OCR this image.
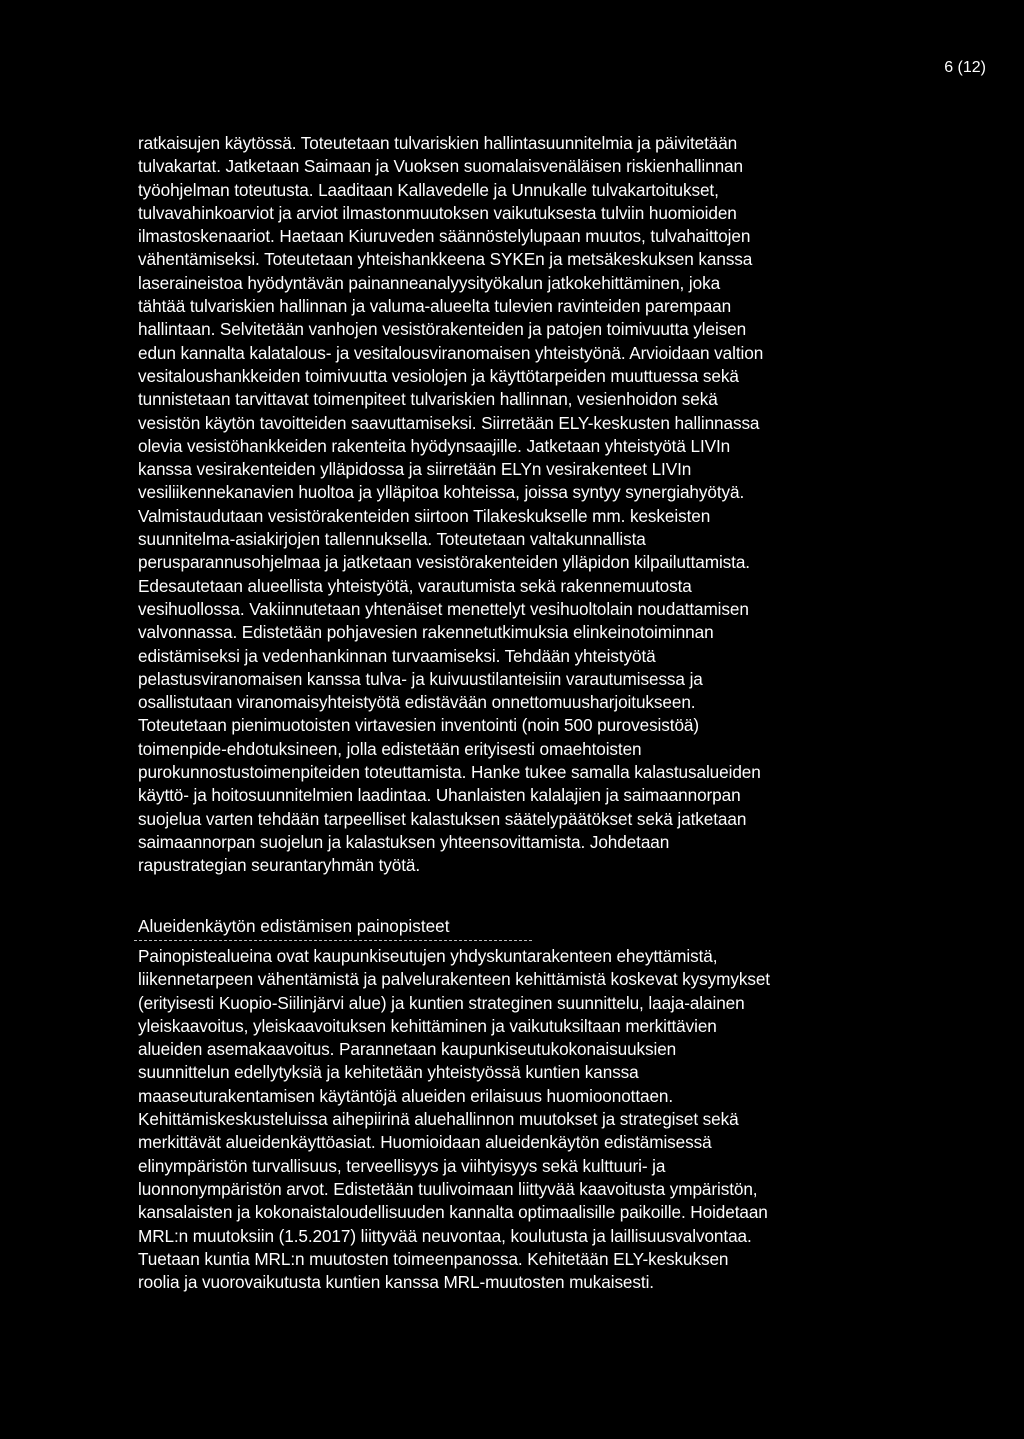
6 (12)
ratkaisujen käytössä. Toteutetaan tulvariskien hallintasuunnitelmia ja päivitetään
tulvakartat. Jatketaan Saimaan ja Vuoksen suomalaisvenäläisen riskienhallinnan
työohjelman toteutusta. Laaditaan Kallavedelle ja Unnukalle tulvakartoitukset,
tulvavahinkoarviot ja arviot ilmastonmuutoksen vaikutuksesta tulviin huomioiden
ilmastoskenaariot. Haetaan Kiuruveden säännöstelylupaan muutos, tulvahaittojen
vähentämiseksi. Toteutetaan yhteishankkeena SYKEn ja metsäkeskuksen kanssa
laseraineistoa hyödyntävän painanneanalyysityökalun jatkokehittäminen, joka
tähtää tulvariskien hallinnan ja valuma-alueelta tulevien ravinteiden parempaan
hallintaan. Selvitetään vanhojen vesistörakenteiden ja patojen toimivuutta yleisen
edun kannalta kalatalous- ja vesitalousviranomaisen yhteistyönä. Arvioidaan valtion
vesitaloushankkeiden toimivuutta vesiolojen ja käyttötarpeiden muuttuessa sekä
tunnistetaan tarvittavat toimenpiteet tulvariskien hallinnan, vesienhoidon sekä
vesistön käytön tavoitteiden saavuttamiseksi. Siirretään ELY-keskusten hallinnassa
olevia vesistöhankkeiden rakenteita hyödynsaajille. Jatketaan yhteistyötä LIVIn
kanssa vesirakenteiden ylläpidossa ja siirretään ELYn vesirakenteet LIVIn
vesiliikennekanavien huoltoa ja ylläpitoa kohteissa, joissa syntyy synergiahyötyä.
Valmistaudutaan vesistörakenteiden siirtoon Tilakeskukselle mm. keskeisten
suunnitelma-asiakirjojen tallennuksella. Toteutetaan valtakunnallista
perusparannusohjelmaa ja jatketaan vesistörakenteiden ylläpidon kilpailuttamista.
Edesautetaan alueellista yhteistyötä, varautumista sekä rakennemuutosta
vesihuollossa. Vakiinnutetaan yhtenäiset menettelyt vesihuoltolain noudattamisen
valvonnassa. Edistetään pohjavesien rakennetutkimuksia elinkeinotoiminnan
edistämiseksi ja vedenhankinnan turvaamiseksi. Tehdään yhteistyötä
pelastusviranomaisen kanssa tulva- ja kuivuustilanteisiin varautumisessa ja
osallistutaan viranomaisyhteistyötä edistävään onnettomuusharjoitukseen.
Toteutetaan pienimuotoisten virtavesien inventointi (noin 500 purovesistöä)
toimenpide-ehdotuksineen, jolla edistetään erityisesti omaehtoisten
purokunnostustoimenpiteiden toteuttamista. Hanke tukee samalla kalastusalueiden
käyttö- ja hoitosuunnitelmien laadintaa. Uhanlaisten kalalajien ja saimaannorpan
suojelua varten tehdään tarpeelliset kalastuksen säätelypäätökset sekä jatketaan
saimaannorpan suojelun ja kalastuksen yhteensovittamista. Johdetaan
rapustrategian seurantaryhmän työtä.
Alueidenkäytön edistämisen painopisteet
Painopistealueina ovat kaupunkiseutujen yhdyskuntarakenteen eheyttämistä,
liikennetarpeen vähentämistä ja palvelurakenteen kehittämistä koskevat kysymykset
(erityisesti Kuopio-Siilinjärvi alue) ja kuntien strateginen suunnittelu, laaja-alainen
yleiskaavoitus, yleiskaavoituksen kehittäminen ja vaikutuksiltaan merkittävien
alueiden asemakaavoitus. Parannetaan kaupunkiseutukokonaisuuksien
suunnittelun edellytyksiä ja kehitetään yhteistyössä kuntien kanssa
maaseuturakentamisen käytäntöjä alueiden erilaisuus huomioonottaen.
Kehittämiskeskusteluissa aihepiirinä aluehallinnon muutokset ja strategiset sekä
merkittävät alueidenkäyttöasiat. Huomioidaan alueidenkäytön edistämisessä
elinympäristön turvallisuus, terveellisyys ja viihtyisyys sekä kulttuuri- ja
luonnonympäristön arvot. Edistetään tuulivoimaan liittyvää kaavoitusta ympäristön,
kansalaisten ja kokonaistaloudellisuuden kannalta optimaalisille paikoille. Hoidetaan
MRL:n muutoksiin (1.5.2017) liittyvää neuvontaa, koulutusta ja laillisuusvalvontaa.
Tuetaan kuntia MRL:n muutosten toimeenpanossa. Kehitetään ELY-keskuksen
roolia ja vuorovaikutusta kuntien kanssa MRL-muutosten mukaisesti.
